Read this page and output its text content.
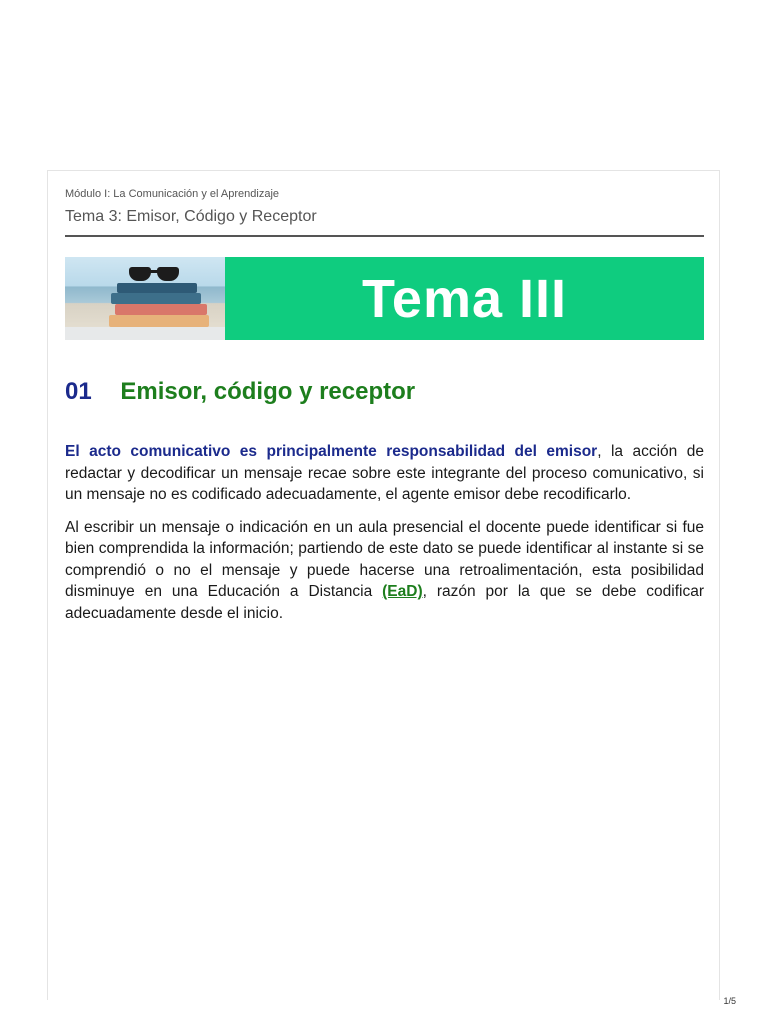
Módulo I: La Comunicación y el Aprendizaje
Tema 3: Emisor, Código y Receptor
Tema III
01 Emisor, código y receptor

El acto comunicativo es principalmente responsabilidad del emisor, la acción de redactar y decodificar un mensaje recae sobre este integrante del proceso comunicativo, si un mensaje no es codificado adecuadamente, el agente emisor debe recodificarlo.

Al escribir un mensaje o indicación en un aula presencial el docente puede identificar si fue bien comprendida la información; partiendo de este dato se puede identificar al instante si se comprendió o no el mensaje y puede hacerse una retroalimentación, esta posibilidad disminuye en una Educación a Distancia (EaD), razón por la que se debe codificar adecuadamente desde el inicio.

1/5
